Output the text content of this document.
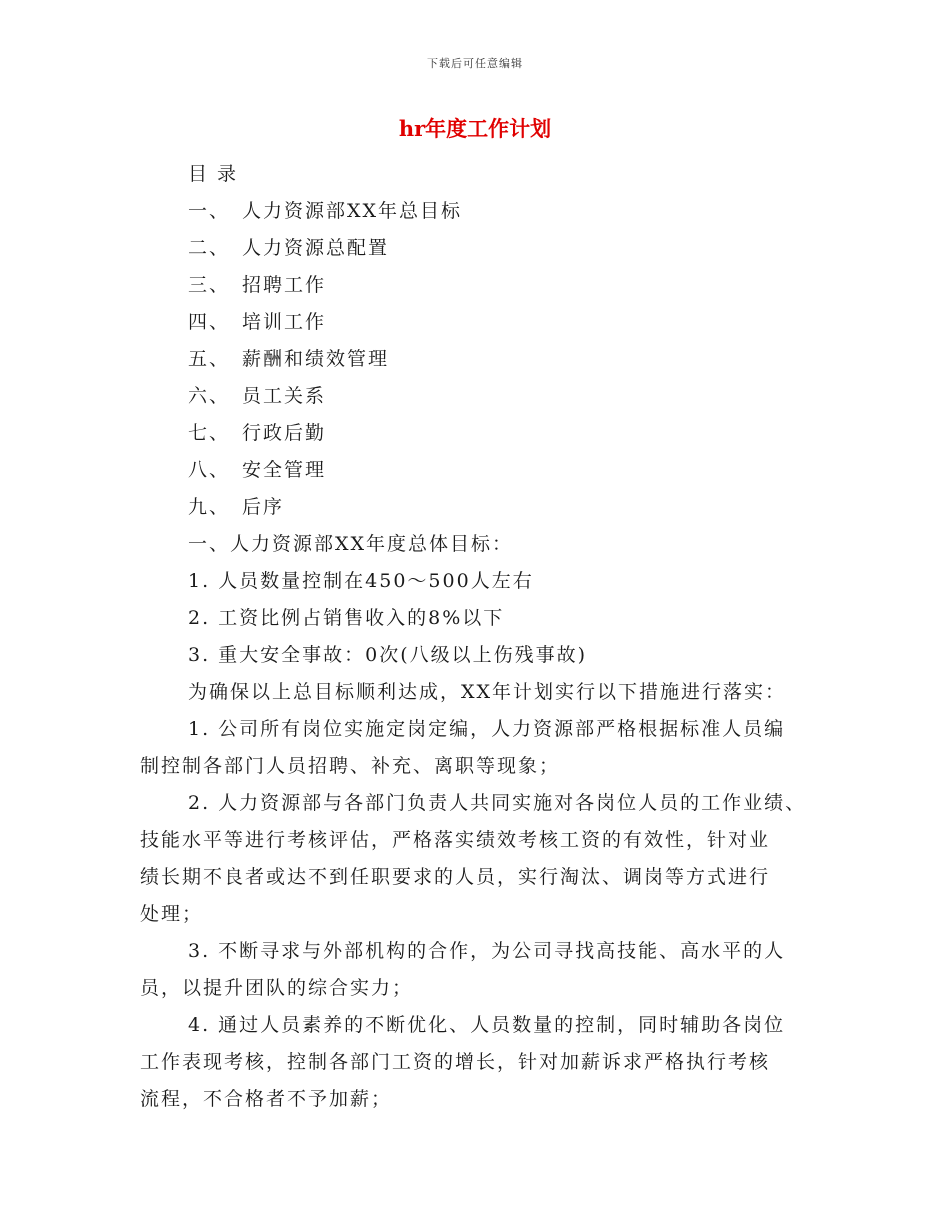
下载后可任意编辑
hr年度工作计划

目 录

一、 人力资源部XX年总目标

二、 人力资源总配置

三、 招聘工作

四、 培训工作

五、 薪酬和绩效管理

六、 员工关系

七、 行政后勤

八、 安全管理

九、 后序

一、人力资源部XX年度总体目标：

1. 人员数量控制在450～500人左右

2. 工资比例占销售收入的8%以下

3. 重大安全事故：0次(八级以上伤残事故)

为确保以上总目标顺利达成，XX年计划实行以下措施进行落实：

1. 公司所有岗位实施定岗定编，人力资源部严格根据标准人员编

制控制各部门人员招聘、补充、离职等现象；

2. 人力资源部与各部门负责人共同实施对各岗位人员的工作业绩、

技能水平等进行考核评估，严格落实绩效考核工资的有效性，针对业

绩长期不良者或达不到任职要求的人员，实行淘汰、调岗等方式进行

处理；

3. 不断寻求与外部机构的合作，为公司寻找高技能、高水平的人

员，以提升团队的综合实力；

4. 通过人员素养的不断优化、人员数量的控制，同时辅助各岗位

工作表现考核，控制各部门工资的增长，针对加薪诉求严格执行考核

流程，不合格者不予加薪；
